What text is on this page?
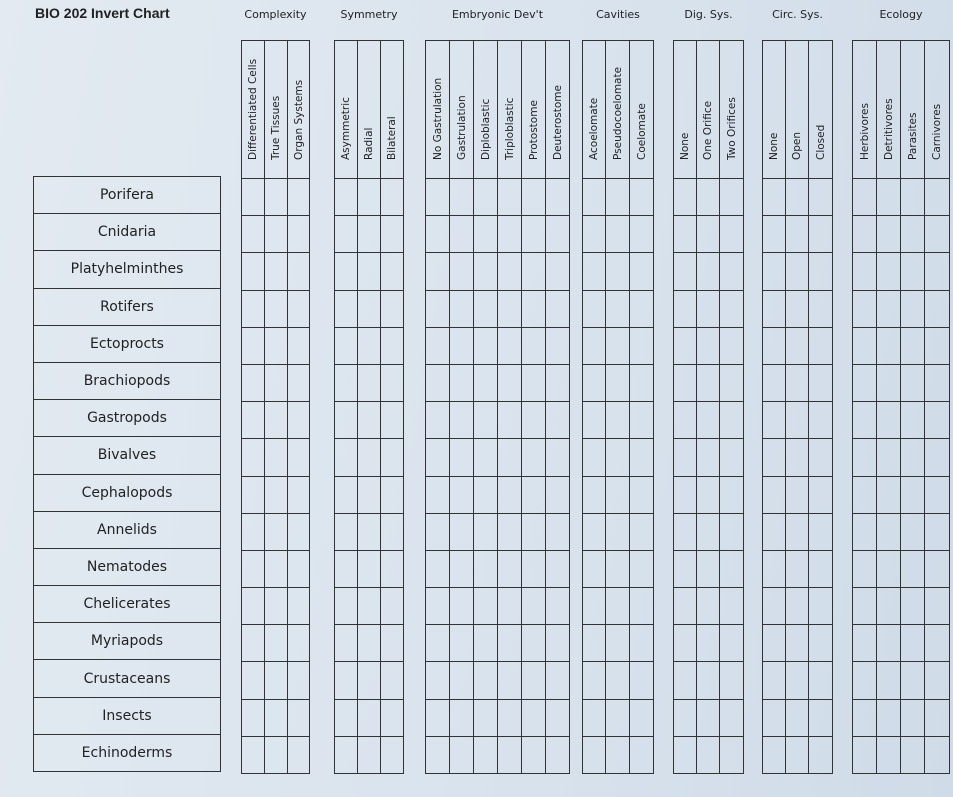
BIO 202 Invert Chart
Porifera
Cnidaria
Platyhelminthes
Rotifers
Ectoprocts
Brachiopods
Gastropods
Bivalves
Cephalopods
Annelids
Nematodes
Chelicerates
Myriapods
Crustaceans
Insects
Echinoderms
Complexity
Differentiated Cells True Tissues Organ Systems
Symmetry
Asymmetric Radial Bilateral
Embryonic Dev't
No Gastrulation Gastrulation Diploblastic Triploblastic Protostome Deuterostome
Cavities
Acoelomate Pseudocoelomate Coelomate
Dig. Sys.
None One Orifice Two Orifices
Circ. Sys.
None Open Closed
Ecology
Herbivores Detritivores Parasites Carnivores
